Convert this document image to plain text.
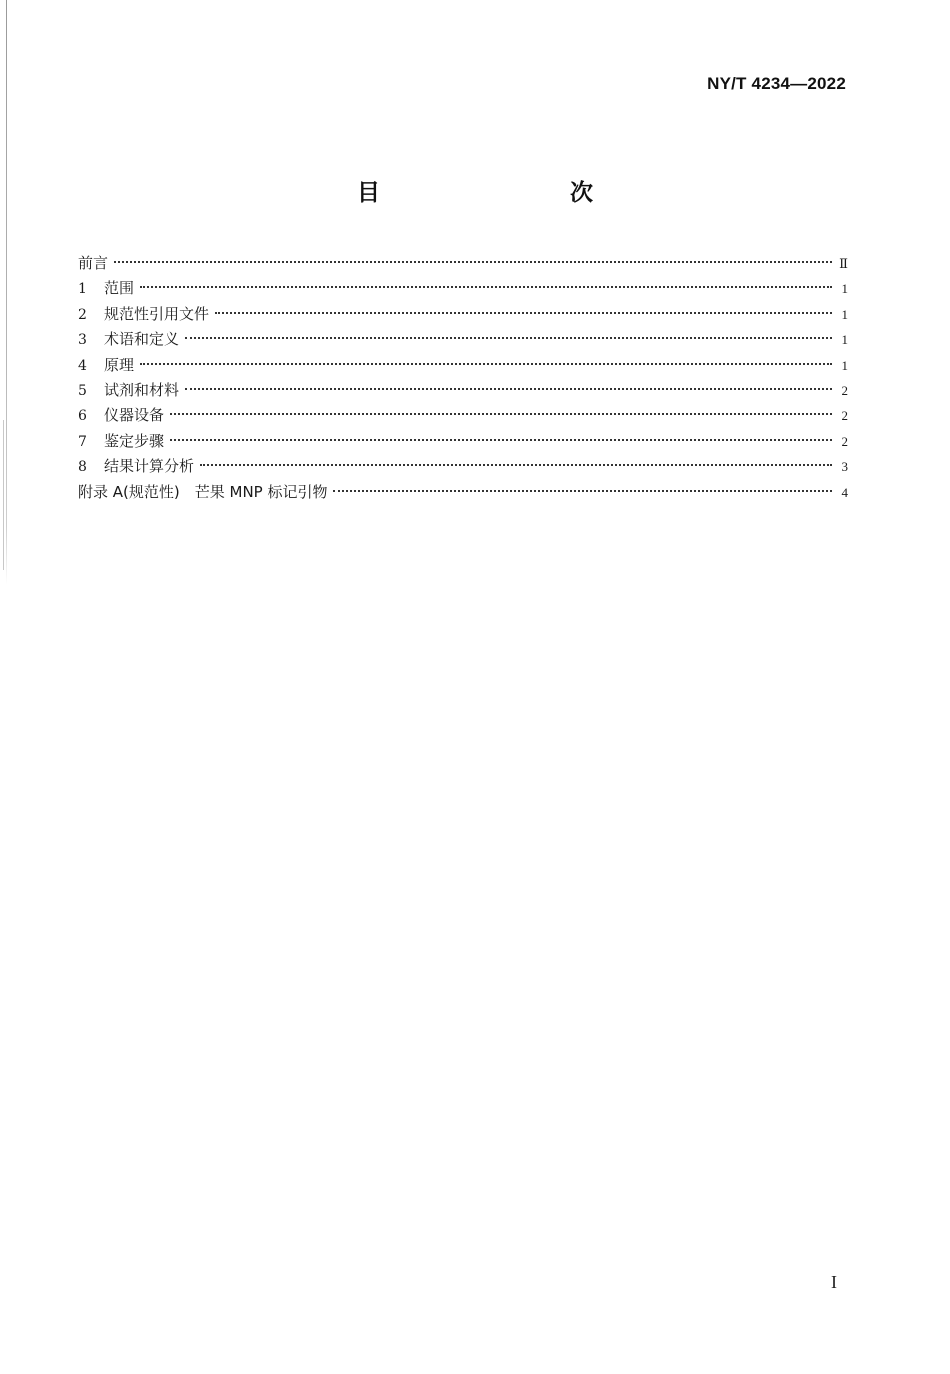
NY/T 4234—2022
目　　次
前言	Ⅱ
1	范围	1
2	规范性引用文件	1
3	术语和定义	1
4	原理	1
5	试剂和材料	2
6	仪器设备	2
7	鉴定步骤	2
8	结果计算分析	3
附录 A(规范性)　芒果 MNP 标记引物	4
I
